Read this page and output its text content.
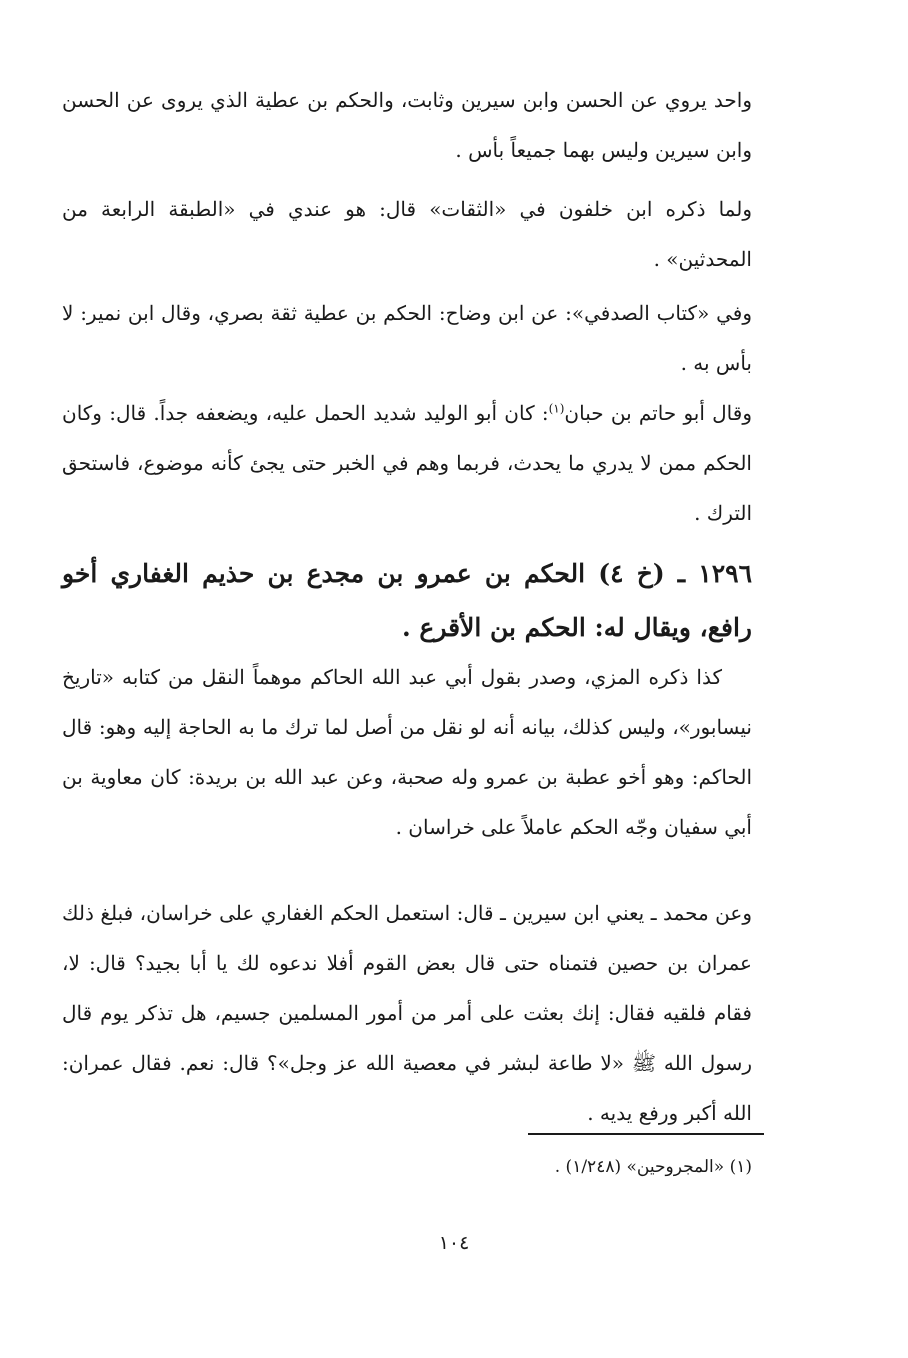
واحد يروي عن الحسن وابن سيرين وثابت، والحكم بن عطية الذي يروى عن الحسن وابن سيرين وليس بهما جميعاً بأس .

ولما ذكره ابن خلفون في «الثقات» قال: هو عندي في «الطبقة الرابعة من المحدثين» .

وفي «كتاب الصدفي»: عن ابن وضاح: الحكم بن عطية ثقة بصري، وقال ابن نمير: لا بأس به .

وقال أبو حاتم بن حبان$^{(١)}$: كان أبو الوليد شديد الحمل عليه، ويضعفه جداً. قال: وكان الحكم ممن لا يدري ما يحدث، فربما وهم في الخبر حتى يجئ كأنه موضوع، فاستحق الترك .

١٢٩٦ ـ (خ ٤) الحكم بن عمرو بن مجدع بن حذيم الغفاري أخو رافع، ويقال له: الحكم بن الأقرع .

كذا ذكره المزي، وصدر بقول أبي عبد الله الحاكم موهماً النقل من كتابه «تاريخ نيسابور»، وليس كذلك، بيانه أنه لو نقل من أصل لما ترك ما به الحاجة إليه وهو: قال الحاكم: وهو أخو عطبة بن عمرو وله صحبة، وعن عبد الله بن بريدة: كان معاوية بن أبي سفيان وجّه الحكم عاملاً على خراسان .

وعن محمد ـ يعني ابن سيرين ـ قال: استعمل الحكم الغفاري على خراسان، فبلغ ذلك عمران بن حصين فتمناه حتى قال بعض القوم أفلا ندعوه لك يا أبا بجيد؟ قال: لا، فقام فلقيه فقال: إنك بعثت على أمر من أمور المسلمين جسيم، هل تذكر يوم قال رسول الله ﷺ «لا طاعة لبشر في معصية الله عز وجل»؟ قال: نعم. فقال عمران: الله أكبر ورفع يديه .

(١) «المجروحين» (١/٢٤٨) .

١٠٤
